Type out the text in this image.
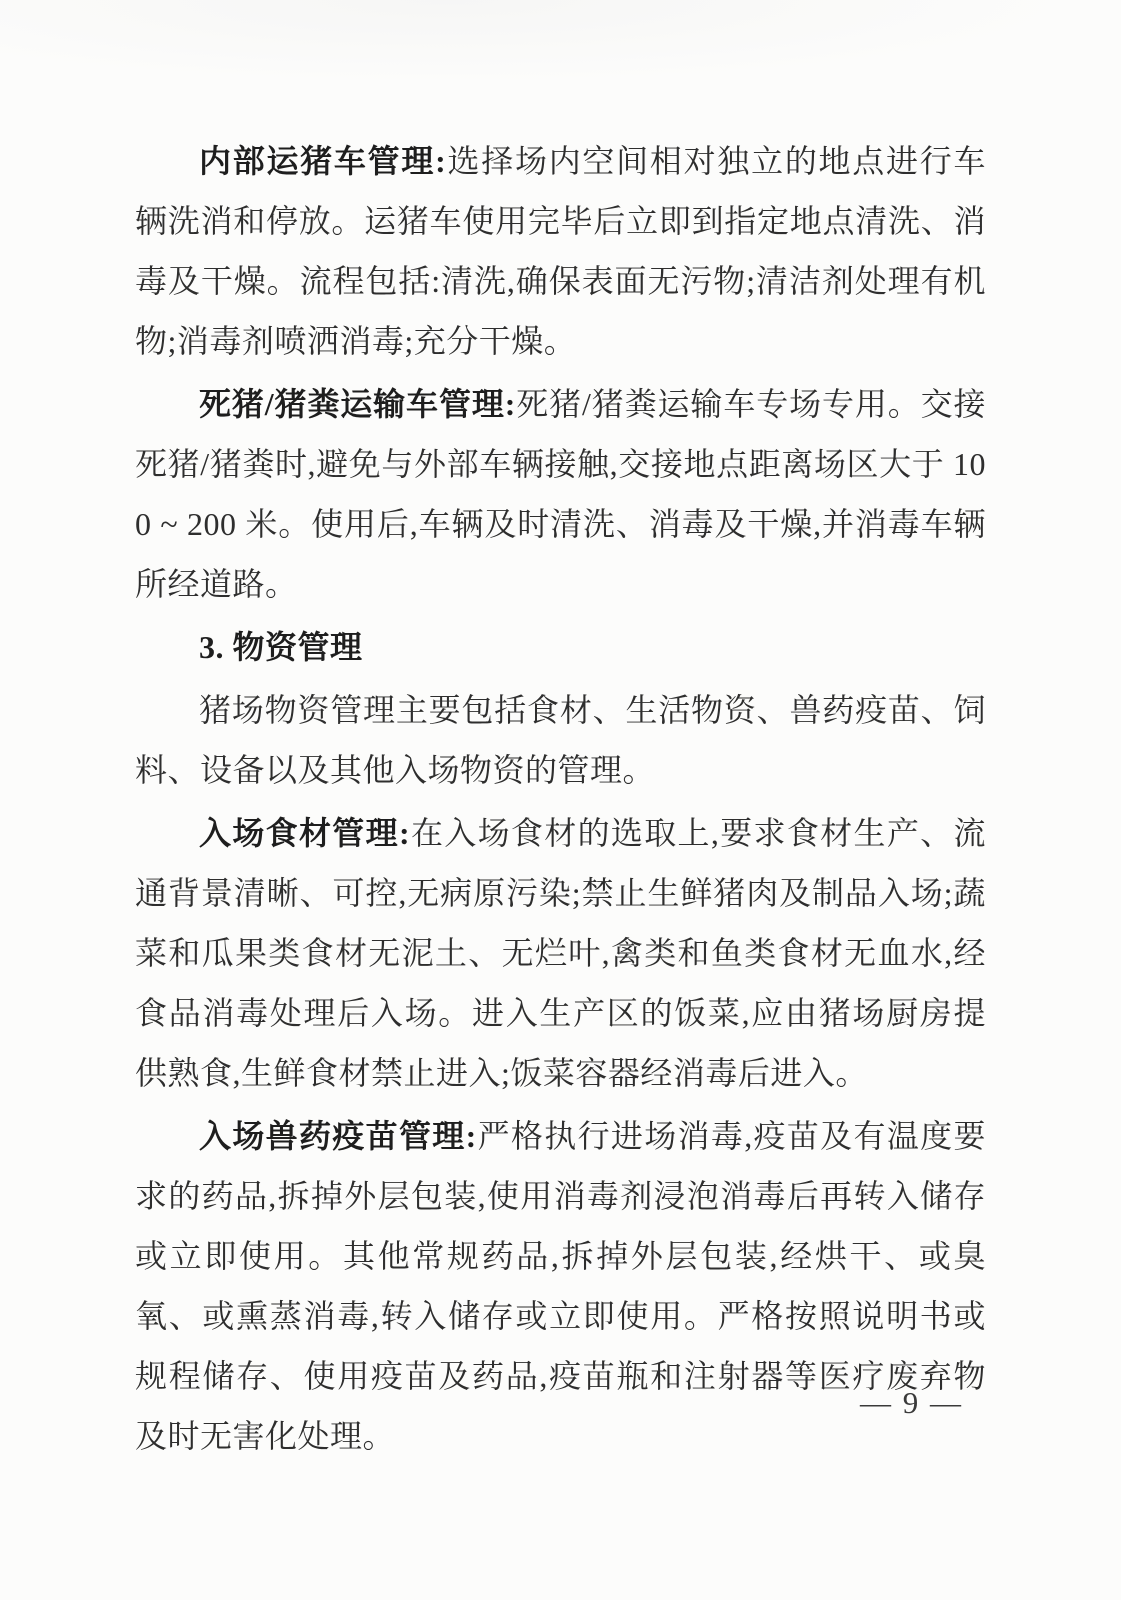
内部运猪车管理:选择场内空间相对独立的地点进行车辆洗消和停放。运猪车使用完毕后立即到指定地点清洗、消毒及干燥。流程包括:清洗,确保表面无污物;清洁剂处理有机物;消毒剂喷洒消毒;充分干燥。

死猪/猪粪运输车管理:死猪/猪粪运输车专场专用。交接死猪/猪粪时,避免与外部车辆接触,交接地点距离场区大于 100 ~ 200 米。使用后,车辆及时清洗、消毒及干燥,并消毒车辆所经道路。

3. 物资管理

猪场物资管理主要包括食材、生活物资、兽药疫苗、饲料、设备以及其他入场物资的管理。

入场食材管理:在入场食材的选取上,要求食材生产、流通背景清晰、可控,无病原污染;禁止生鲜猪肉及制品入场;蔬菜和瓜果类食材无泥土、无烂叶,禽类和鱼类食材无血水,经食品消毒处理后入场。进入生产区的饭菜,应由猪场厨房提供熟食,生鲜食材禁止进入;饭菜容器经消毒后进入。

入场兽药疫苗管理:严格执行进场消毒,疫苗及有温度要求的药品,拆掉外层包装,使用消毒剂浸泡消毒后再转入储存或立即使用。其他常规药品,拆掉外层包装,经烘干、或臭氧、或熏蒸消毒,转入储存或立即使用。严格按照说明书或规程储存、使用疫苗及药品,疫苗瓶和注射器等医疗废弃物及时无害化处理。

— 9 —
